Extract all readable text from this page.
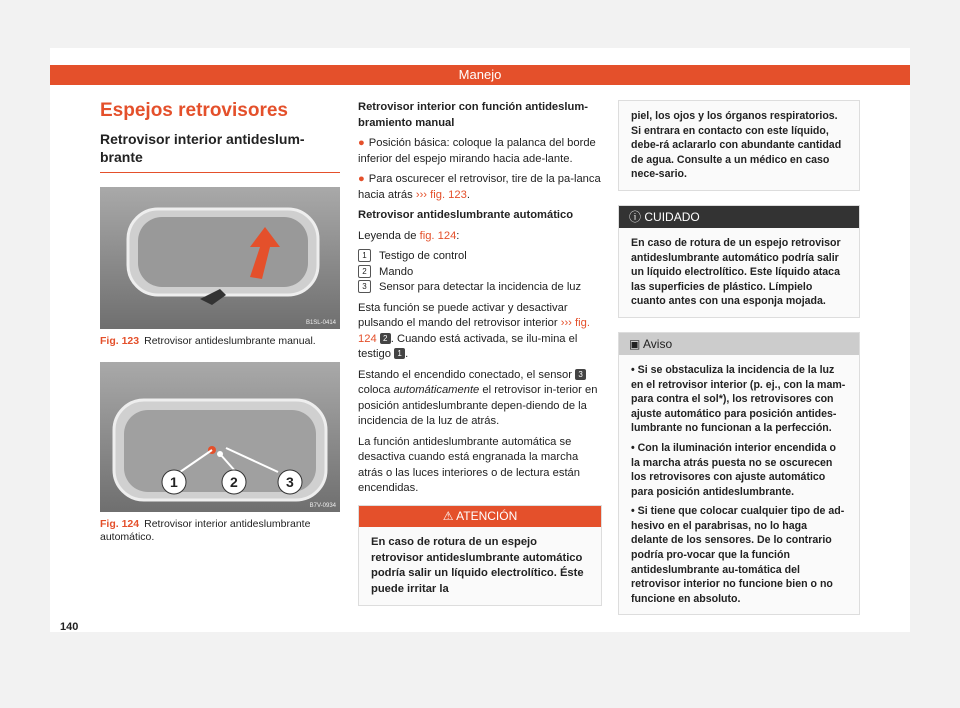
Manejo
Espejos retrovisores
Retrovisor interior antideslum-brante
B1SL-0414
Fig. 123 Retrovisor antideslumbrante manual.
1	2	3
B7V-0934
Fig. 124 Retrovisor interior antideslumbrante automático.

Retrovisor interior con función antideslum-bramiento manual

● Posición básica: coloque la palanca del borde inferior del espejo mirando hacia ade-lante.

● Para oscurecer el retrovisor, tire de la pa-lanca hacia atrás ››› fig. 123.

Retrovisor antideslumbrante automático

Leyenda de fig. 124:

1	Testigo de control
2	Mando
3	Sensor para detectar la incidencia de luz

Esta función se puede activar y desactivar pulsando el mando del retrovisor interior ››› fig. 124 2 . Cuando está activada, se ilu-mina el testigo 1 .

Estando el encendido conectado, el sensor 3 coloca automáticamente el retrovisor in-terior en posición antideslumbrante depen-diendo de la incidencia de la luz de atrás.

La función antideslumbrante automática se desactiva cuando está engranada la marcha atrás o las luces interiores o de lectura están encendidas.

⚠ ATENCIÓN
En caso de rotura de un espejo retrovisor antideslumbrante automático podría salir un líquido electrolítico. Éste puede irritar la
piel, los ojos y los órganos respiratorios. Si entrara en contacto con este líquido, debe-rá aclararlo con abundante cantidad de agua. Consulte a un médico en caso nece-sario.
ⓘ CUIDADO
En caso de rotura de un espejo retrovisor antideslumbrante automático podría salir un líquido electrolítico. Este líquido ataca las superficies de plástico. Límpielo cuanto antes con una esponja mojada.
▣ Aviso

• Si se obstaculiza la incidencia de la luz en el retrovisor interior (p. ej., con la mam-para contra el sol*), los retrovisores con ajuste automático para posición antides-lumbrante no funcionan a la perfección.

• Con la iluminación interior encendida o la marcha atrás puesta no se oscurecen los retrovisores con ajuste automático para posición antideslumbrante.

• Si tiene que colocar cualquier tipo de ad-hesivo en el parabrisas, no lo haga delante de los sensores. De lo contrario podría pro-vocar que la función antideslumbrante au-tomática del retrovisor interior no funcione bien o no funcione en absoluto.

140
